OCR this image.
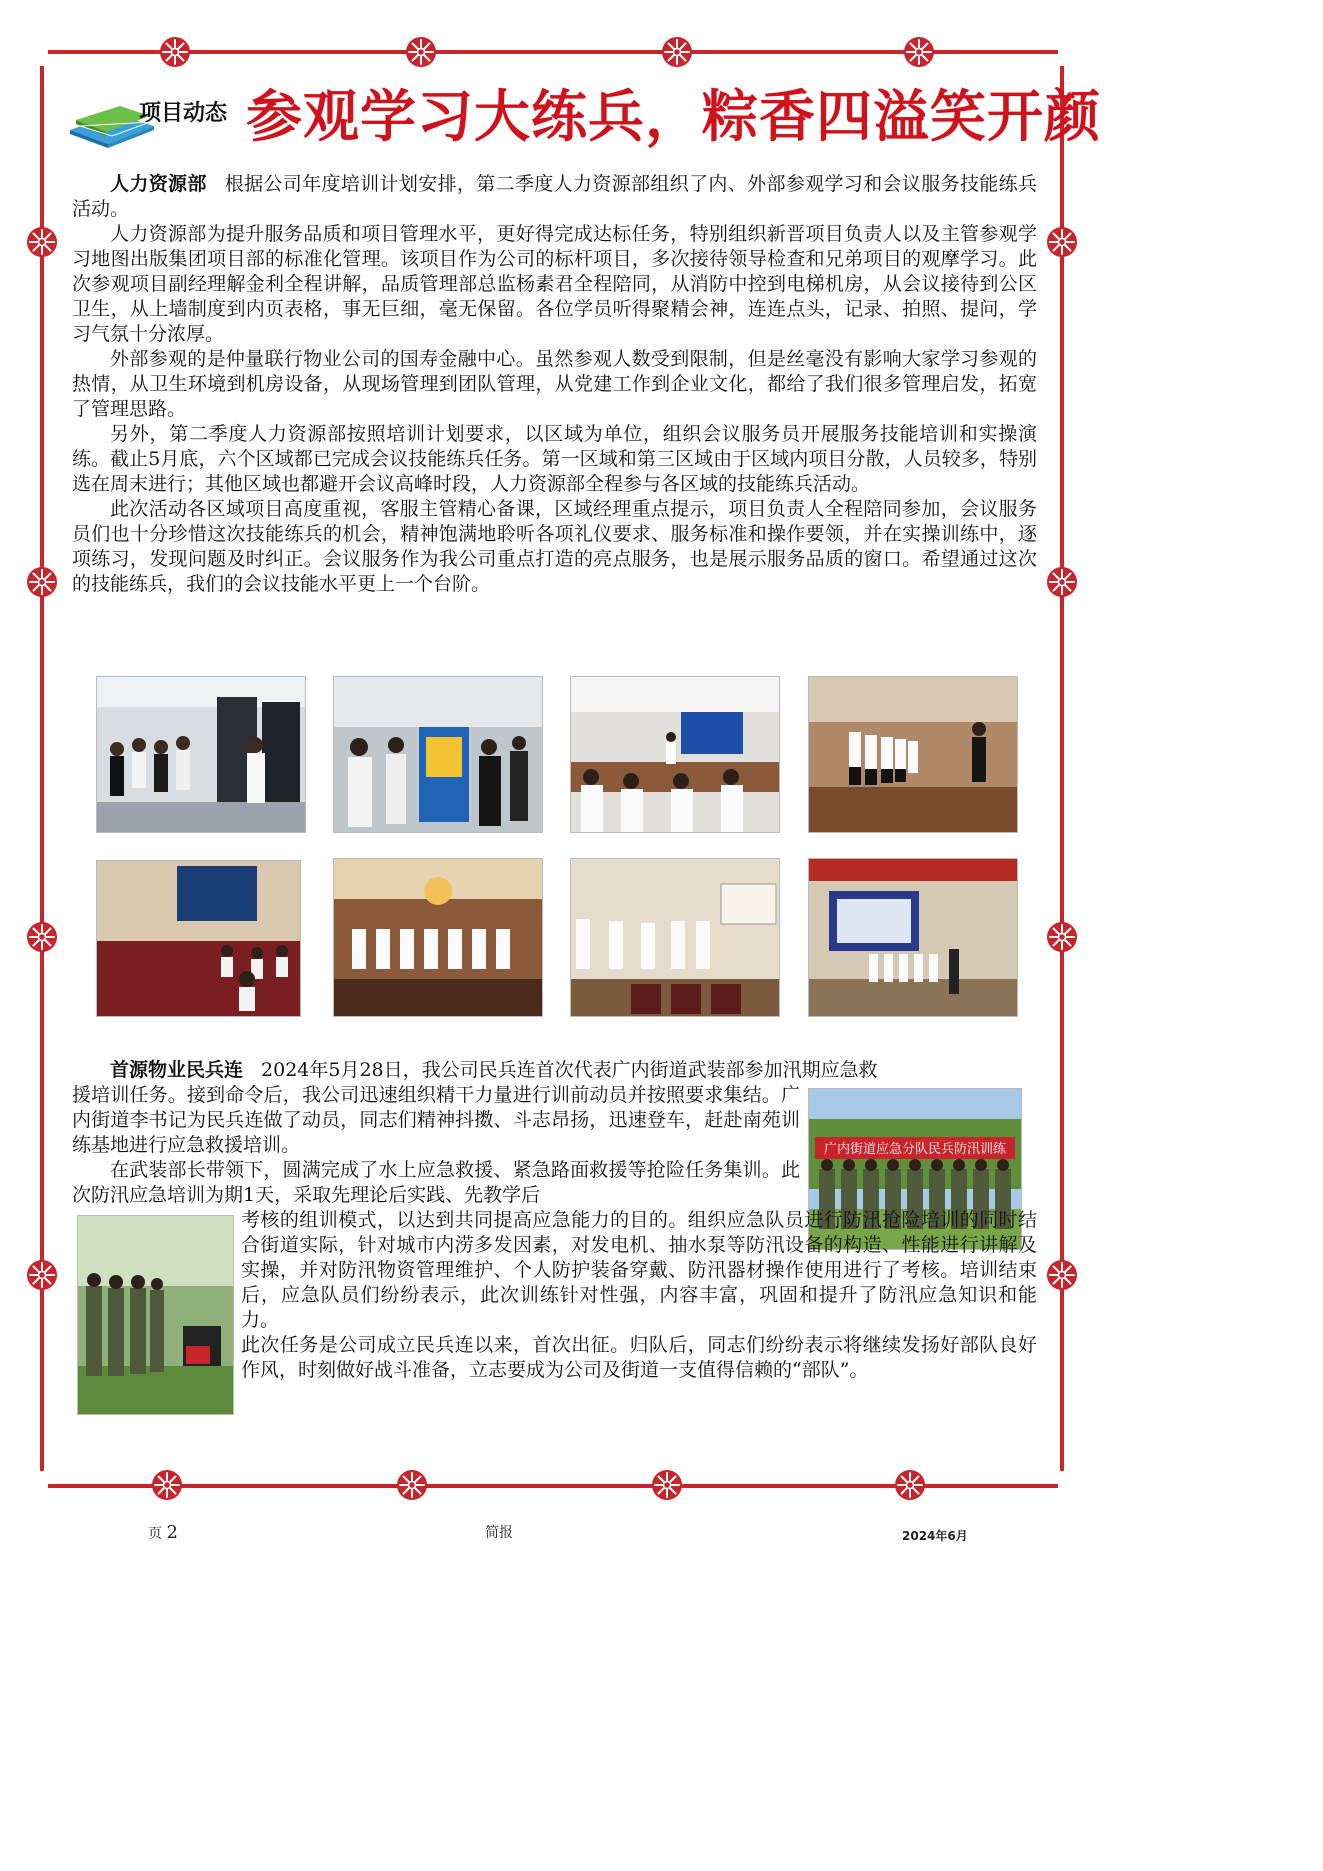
项目动态 参观学习大练兵，粽香四溢笑开颜

人力资源部 根据公司年度培训计划安排，第二季度人力资源部组织了内、外部参观学习和会议服务技能练兵活动。

人力资源部为提升服务品质和项目管理水平，更好得完成达标任务，特别组织新晋项目负责人以及主管参观学习地图出版集团项目部的标准化管理。该项目作为公司的标杆项目，多次接待领导检查和兄弟项目的观摩学习。此次参观项目副经理解金利全程讲解，品质管理部总监杨素君全程陪同，从消防中控到电梯机房，从会议接待到公区卫生，从上墙制度到内页表格，事无巨细，毫无保留。各位学员听得聚精会神，连连点头，记录、拍照、提问，学习气氛十分浓厚。

外部参观的是仲量联行物业公司的国寿金融中心。虽然参观人数受到限制，但是丝毫没有影响大家学习参观的热情，从卫生环境到机房设备，从现场管理到团队管理，从党建工作到企业文化，都给了我们很多管理启发，拓宽了管理思路。

另外，第二季度人力资源部按照培训计划要求，以区域为单位，组织会议服务员开展服务技能培训和实操演练。截止5月底，六个区域都已完成会议技能练兵任务。第一区域和第三区域由于区域内项目分散，人员较多，特别选在周末进行；其他区域也都避开会议高峰时段，人力资源部全程参与各区域的技能练兵活动。

此次活动各区域项目高度重视，客服主管精心备课，区域经理重点提示，项目负责人全程陪同参加，会议服务员们也十分珍惜这次技能练兵的机会，精神饱满地聆听各项礼仪要求、服务标准和操作要领，并在实操训练中，逐项练习，发现问题及时纠正。会议服务作为我公司重点打造的亮点服务，也是展示服务品质的窗口。希望通过这次的技能练兵，我们的会议技能水平更上一个台阶。

首源物业民兵连 2024年5月28日，我公司民兵连首次代表广内街道武装部参加汛期应急救
援培训任务。接到命令后，我公司迅速组织精干力量进行训前动员并按照要求集结。广内街道李书记为民兵连做了动员，同志们精神抖擞、斗志昂扬，迅速登车，赶赴南苑训练基地进行应急救援培训。
在武装部长带领下，圆满完成了水上应急救援、紧急路面救援等抢险任务集训。此次防汛应急培训为期1天，采取先理论后实践、先教学后
广内街道应急分队民兵防汛训练
考核的组训模式，以达到共同提高应急能力的目的。组织应急队员进行防汛抢险培训的同时结合街道实际，针对城市内涝多发因素，对发电机、抽水泵等防汛设备的构造、性能进行讲解及实操，并对防汛物资管理维护、个人防护装备穿戴、防汛器材操作使用进行了考核。培训结束后，应急队员们纷纷表示，此次训练针对性强，内容丰富，巩固和提升了防汛应急知识和能力。
此次任务是公司成立民兵连以来，首次出征。归队后，同志们纷纷表示将继续发扬好部队良好作风，时刻做好战斗准备，立志要成为公司及街道一支值得信赖的“部队”。
页 2	简报	2024年6月
